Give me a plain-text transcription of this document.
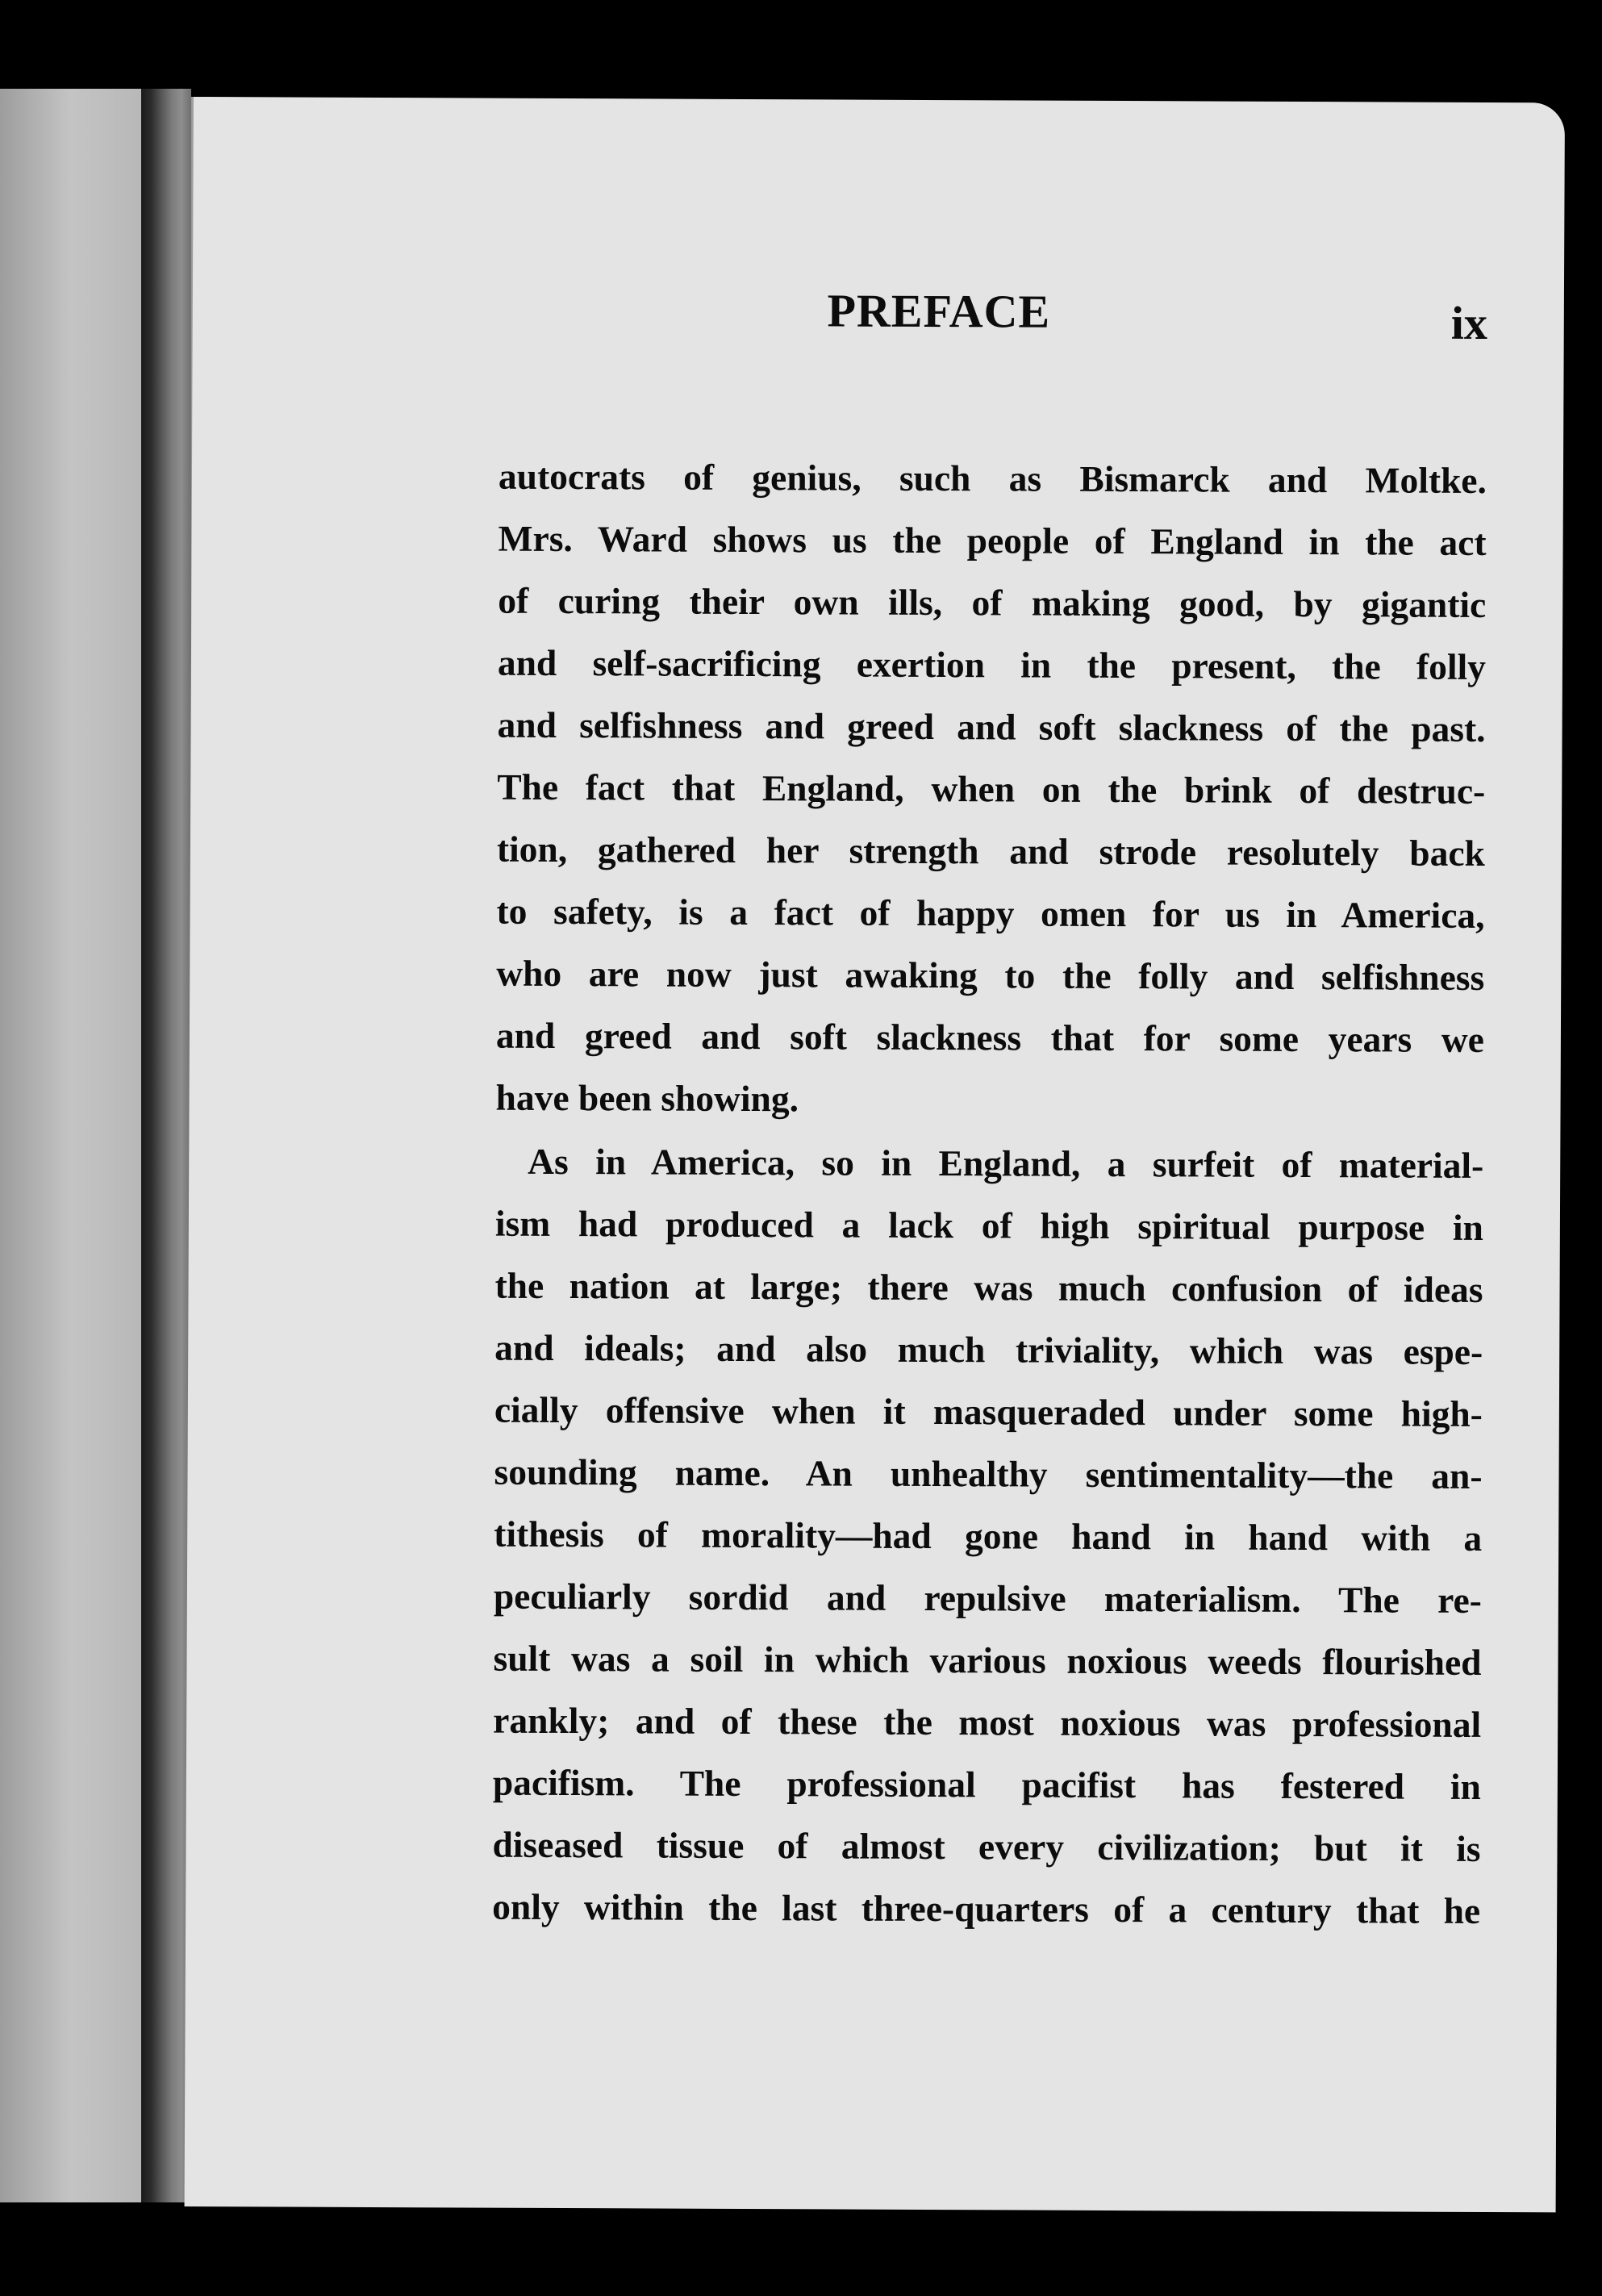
PREFACE	ix
autocrats of genius, such as Bismarck and Moltke.
Mrs. Ward shows us the people of England in the act
of curing their own ills, of making good, by gigantic
and self-sacrificing exertion in the present, the folly
and selfishness and greed and soft slackness of the past.
The fact that England, when on the brink of destruc-
tion, gathered her strength and strode resolutely back
to safety, is a fact of happy omen for us in America,
who are now just awaking to the folly and selfishness
and greed and soft slackness that for some years we
have been showing.
As in America, so in England, a surfeit of material-
ism had produced a lack of high spiritual purpose in
the nation at large; there was much confusion of ideas
and ideals; and also much triviality, which was espe-
cially offensive when it masqueraded under some high-
sounding name. An unhealthy sentimentality—the an-
tithesis of morality—had gone hand in hand with a
peculiarly sordid and repulsive materialism. The re-
sult was a soil in which various noxious weeds flourished
rankly; and of these the most noxious was professional
pacifism. The professional pacifist has festered in
diseased tissue of almost every civilization; but it is
only within the last three-quarters of a century that he
